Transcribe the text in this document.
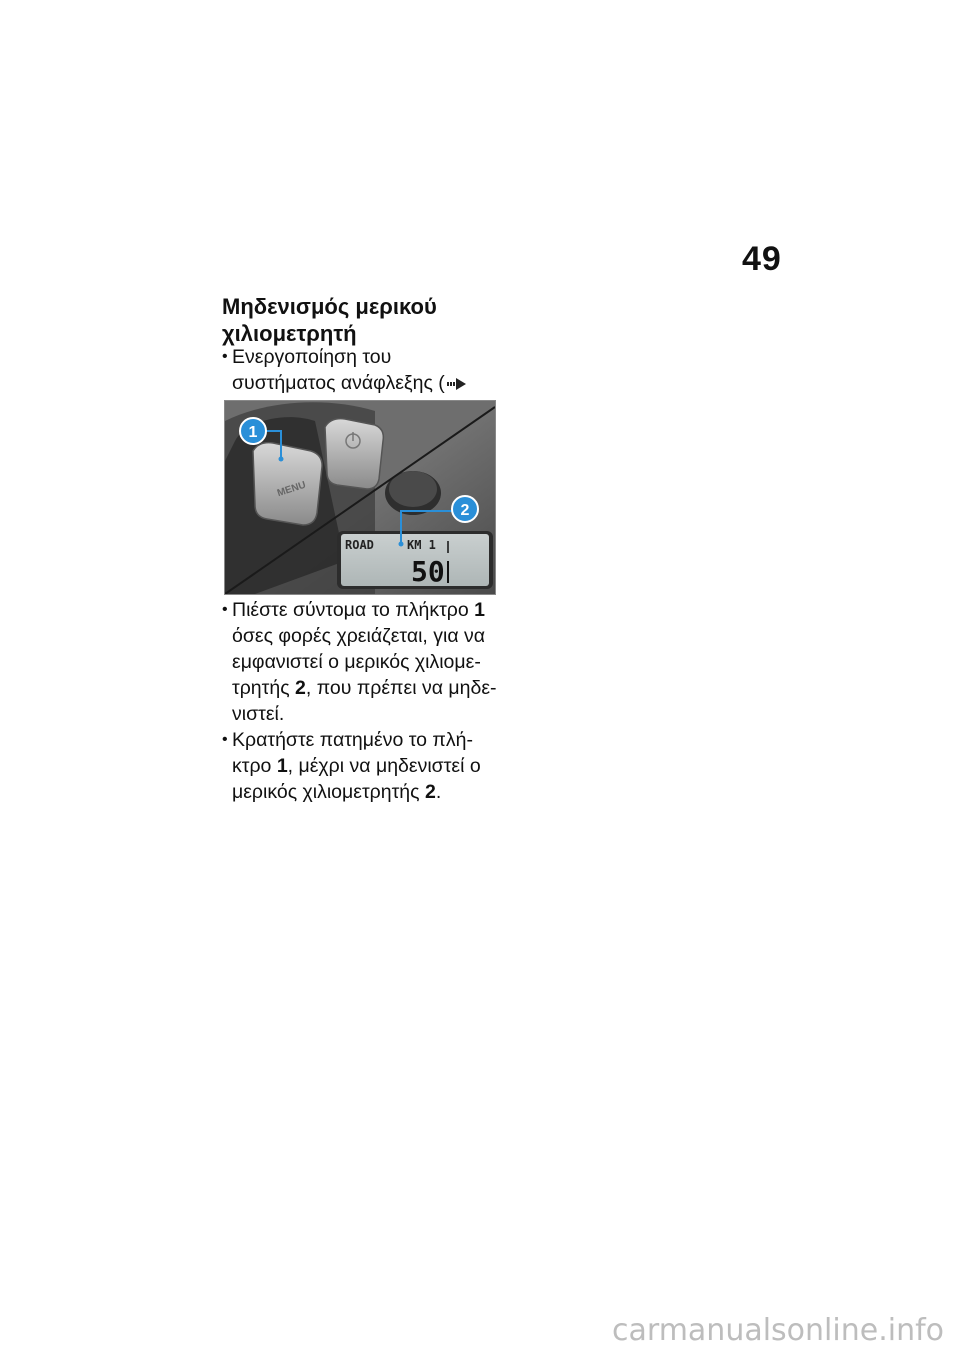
49
Μηδενισμός μερικού χιλιομετρητή
• Ενεργοποίηση του συστήματος ανάφλεξης (
MENU
ROAD	KM 1
50
1
2
• Πιέστε σύντομα το πλήκτρο 1 όσες φορές χρειάζεται, για να εμφανιστεί ο μερικός χιλιομετρητής 2, που πρέπει να μηδενιστεί.
• Κρατήστε πατημένο το πλήκτρο 1, μέχρι να μηδενιστεί ο μερικός χιλιομετρητής 2.
carmanualsonline.info
